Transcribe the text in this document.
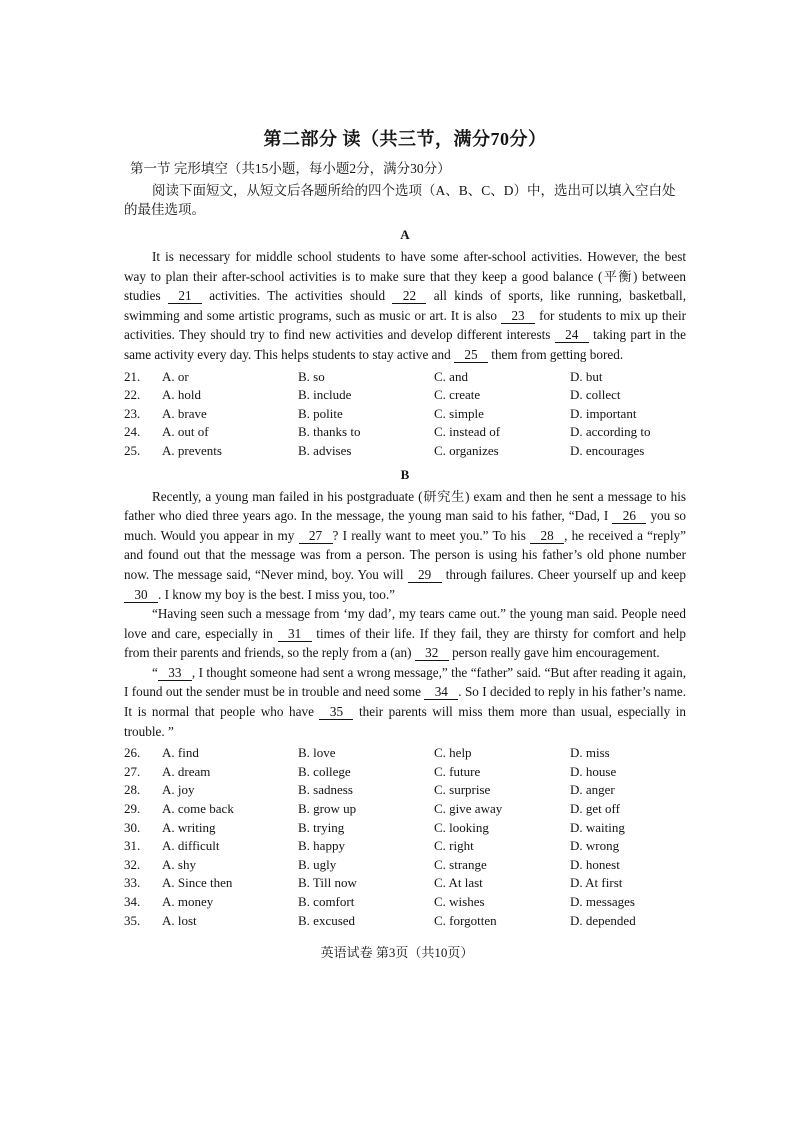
第二部分 读（共三节，满分70分）
第一节 完形填空（共15小题，每小题2分，满分30分）
阅读下面短文，从短文后各题所给的四个选项（A、B、C、D）中，选出可以填入空白处的最佳选项。
A

It is necessary for middle school students to have some after-school activities. However, the best way to plan their after-school activities is to make sure that they keep a good balance (平衡) between studies 21 activities. The activities should 22 all kinds of sports, like running, basketball, swimming and some artistic programs, such as music or art. It is also 23 for students to mix up their activities. They should try to find new activities and develop different interests 24 taking part in the same activity every day. This helps students to stay active and 25 them from getting bored.

21.	A. or	B. so	C. and	D. but
22.	A. hold	B. include	C. create	D. collect
23.	A. brave	B. polite	C. simple	D. important
24.	A. out of	B. thanks to	C. instead of	D. according to
25.	A. prevents	B. advises	C. organizes	D. encourages
B

Recently, a young man failed in his postgraduate (研究生) exam and then he sent a message to his father who died three years ago. In the message, the young man said to his father, “Dad, I 26 you so much. Would you appear in my 27 ? I really want to meet you.” To his 28 , he received a “reply” and found out that the message was from a person. The person is using his father’s old phone number now. The message said, “Never mind, boy. You will 29 through failures. Cheer yourself up and keep 30 . I know my boy is the best. I miss you, too.”

“Having seen such a message from ‘my dad’, my tears came out.” the young man said. People need love and care, especially in 31 times of their life. If they fail, they are thirsty for comfort and help from their parents and friends, so the reply from a (an) 32 person really gave him encouragement.

“ 33 , I thought someone had sent a wrong message,” the “father” said. “But after reading it again, I found out the sender must be in trouble and need some 34 . So I decided to reply in his father’s name. It is normal that people who have 35 their parents will miss them more than usual, especially in trouble. ”

26.	A. find	B. love	C. help	D. miss
27.	A. dream	B. college	C. future	D. house
28.	A. joy	B. sadness	C. surprise	D. anger
29.	A. come back	B. grow up	C. give away	D. get off
30.	A. writing	B. trying	C. looking	D. waiting
31.	A. difficult	B. happy	C. right	D. wrong
32.	A. shy	B. ugly	C. strange	D. honest
33.	A. Since then	B. Till now	C. At last	D. At first
34.	A. money	B. comfort	C. wishes	D. messages
35.	A. lost	B. excused	C. forgotten	D. depended
英语试卷 第3页（共10页）
